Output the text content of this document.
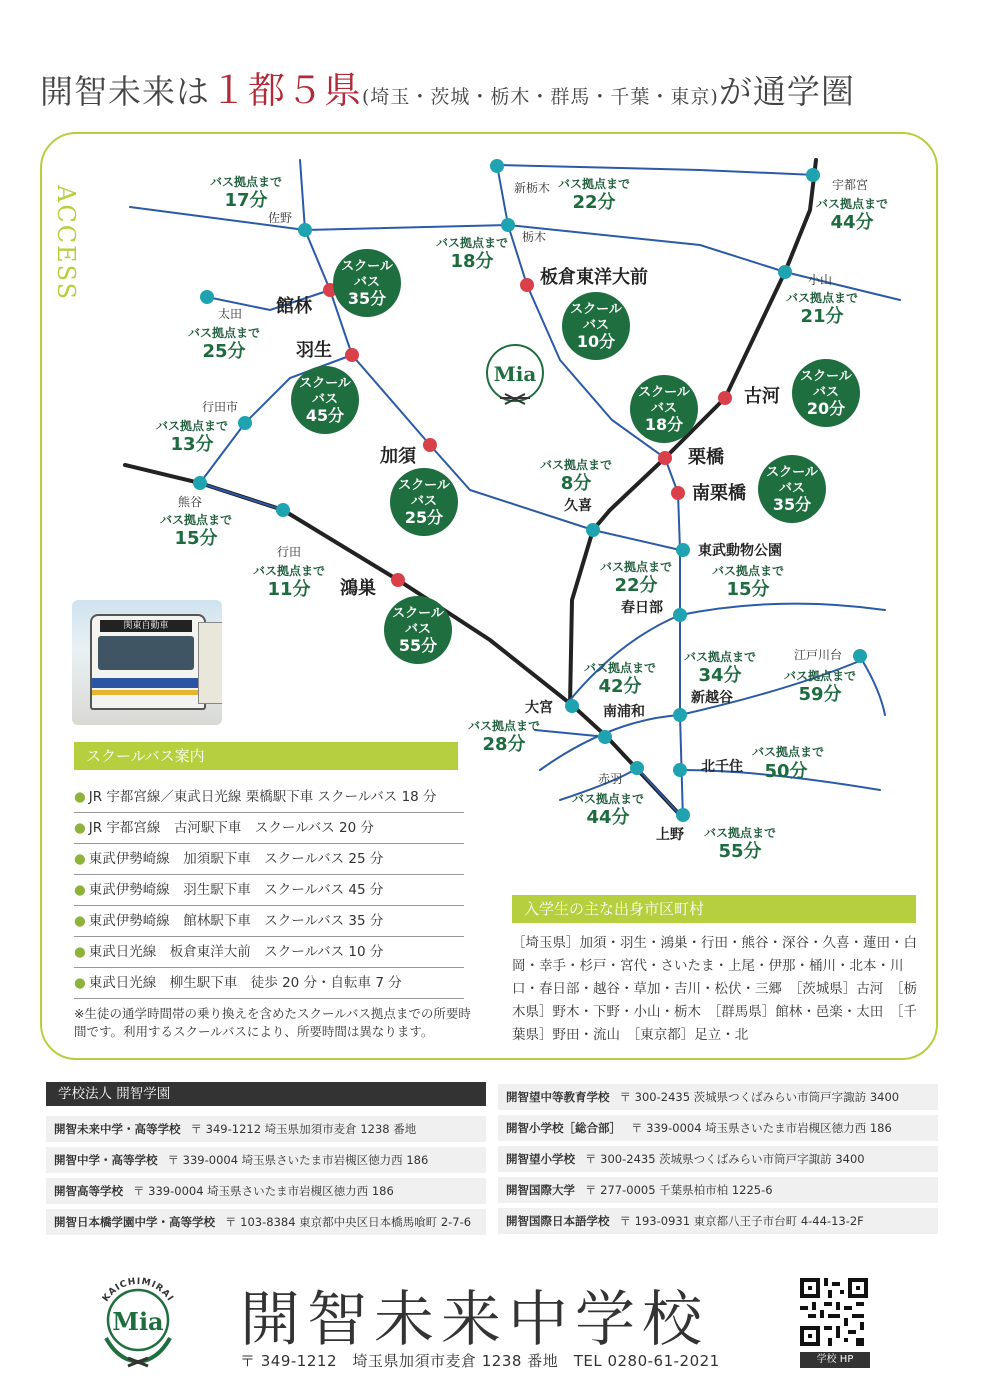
開智未来は１都５県(埼玉・茨城・栃木・群馬・千葉・東京)が通学圏
ACCESS	スクール
バス
35分
スクール
バス
45分
スクール
バス
25分
スクール
バス
55分
スクール
バス
10分
スクール
バス
20分
スクール
バス
18分
スクール
バス
35分
Mia
館林
羽生
加須
鴻巣
板倉東洋大前
古河
栗橋
南栗橋
バス拠点まで
17分
佐野
新栃木 バス拠点まで
22分
宇都宮
バス拠点まで
44分
栃木
バス拠点まで
18分
小山
バス拠点まで
21分
太田
バス拠点まで
25分
行田市
バス拠点まで
13分
熊谷
バス拠点まで
15分
行田
バス拠点まで
11分
バス拠点まで
8分
久喜
バス拠点まで
22分
春日部
東武動物公園
バス拠点まで
15分
バス拠点まで
34分
新越谷
江戸川台
バス拠点まで
59分
バス拠点まで
42分
南浦和
大宮
バス拠点まで
28分
北千住
バス拠点まで
50分
赤羽
バス拠点まで
44分
上野 バス拠点まで
55分
関東自動車
スクールバス案内
● JR 宇都宮線／東武日光線 栗橋駅下車 スクールバス 18 分
● JR 宇都宮線　古河駅下車　スクールバス 20 分
● 東武伊勢崎線　加須駅下車　スクールバス 25 分
● 東武伊勢崎線　羽生駅下車　スクールバス 45 分
● 東武伊勢崎線　館林駅下車　スクールバス 35 分
● 東武日光線　板倉東洋大前　スクールバス 10 分
● 東武日光線　柳生駅下車　徒歩 20 分・自転車 7 分
※生徒の通学時間帯の乗り換えを含めたスクールバス拠点までの所要時間です。利用するスクールバスにより、所要時間は異なります。
入学生の主な出身市区町村
［埼玉県］加須・羽生・鴻巣・行田・熊谷・深谷・久喜・蓮田・白岡・幸手・杉戸・宮代・さいたま・上尾・伊那・桶川・北本・川口・春日部・越谷・草加・吉川・松伏・三郷　［茨城県］古河　［栃木県］野木・下野・小山・栃木　［群馬県］館林・邑楽・太田　［千葉県］野田・流山　［東京都］足立・北
学校法人 開智学園
開智未来中学・高等学校 〒 349-1212 埼玉県加須市麦倉 1238 番地
開智中学・高等学校 〒 339-0004 埼玉県さいたま市岩槻区徳力西 186
開智高等学校 〒 339-0004 埼玉県さいたま市岩槻区徳力西 186
開智日本橋学園中学・高等学校 〒 103-8384 東京都中央区日本橋馬喰町 2-7-6
開智望中等教育学校 〒 300-2435 茨城県つくばみらい市筒戸字諏訪 3400
開智小学校［総合部］ 〒 339-0004 埼玉県さいたま市岩槻区徳力西 186
開智望小学校 〒 300-2435 茨城県つくばみらい市筒戸字諏訪 3400
開智国際大学 〒 277-0005 千葉県柏市柏 1225-6
開智国際日本語学校 〒 193-0931 東京都八王子市台町 4-44-13-2F
KAICHIMIRAI
Mia 開智未来中学校
〒 349-1212　埼玉県加須市麦倉 1238 番地　TEL 0280-61-2021	学校 HP
